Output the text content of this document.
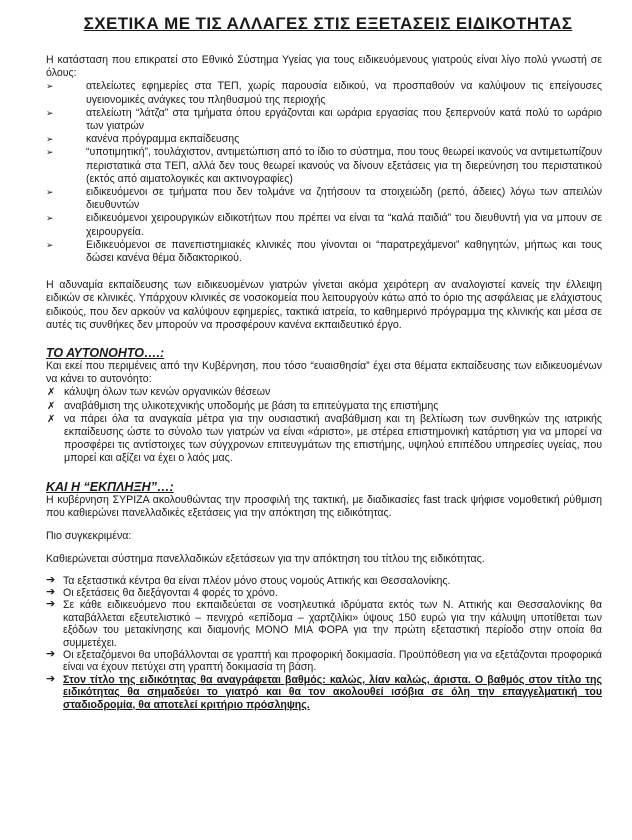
ΣΧΕΤΙΚΑ ΜΕ ΤΙΣ ΑΛΛΑΓΕΣ ΣΤΙΣ ΕΞΕΤΑΣΕΙΣ ΕΙΔΙΚΟΤΗΤΑΣ

Η κατάσταση που επικρατεί στο Εθνικό Σύστημα Υγείας για τους ειδικευόμενους γιατρούς είναι λίγο πολύ γνωστή σε όλους:

➢	ατελείωτες εφημερίες στα ΤΕΠ, χωρίς παρουσία ειδικού, να προσπαθούν να καλύψουν τις επείγουσες υγειονομικές ανάγκες του πληθυσμού της περιοχής
➢	ατελείωτη “λάτζα” στα τμήματα όπου εργάζονται και ωράρια εργασίας που ξεπερνούν κατά πολύ το ωράριο των γιατρών
➢	κανένα πρόγραμμα εκπαίδευσης
➢	“υποτιμητική”, τουλάχιστον, αντιμετώπιση από το ίδιο το σύστημα, που τους θεωρεί ικανούς να αντιμετωπίζουν περιστατικά στα ΤΕΠ, αλλά δεν τους θεωρεί ικανούς να δίνουν εξετάσεις για τη διερεύνηση του περιστατικού (εκτός από αιματολογικές και ακτινογραφίες)
➢	ειδικευόμενοι σε τμήματα που δεν τολμάνε να ζητήσουν τα στοιχειώδη (ρεπό, άδειες) λόγω των απειλών διευθυντών
➢	ειδικευόμενοι χειρουργικών ειδικοτήτων που πρέπει να είναι τα “καλά παιδιά” του διευθυντή για να μπουν σε χειρουργεία.
➢	Ειδικευόμενοι σε πανεπιστημιακές κλινικές που γίνονται οι “παρατρεχάμενοι” καθηγητών, μήπως και τους δώσει κανένα θέμα διδακτορικού.

Η αδυναμία εκπαίδευσης των ειδικευομένων γιατρών γίνεται ακόμα χειρότερη αν αναλογιστεί κανείς την έλλειψη ειδικών σε κλινικές. Υπάρχουν κλινικές σε νοσοκομεία που λειτουργούν κάτω από το όριο της ασφάλειας με ελάχιστους ειδικούς, που δεν αρκούν να καλύψουν εφημερίες, τακτικά ιατρεία, το καθημερινό πρόγραμμα της κλινικής και μέσα σε αυτές τις συνθήκες δεν μπορούν να προσφέρουν κανένα εκπαιδευτικό έργο.

ΤΟ ΑΥΤΟΝΟΗΤΟ….:

Και εκεί που περιμένεις από την Κυβέρνηση, που τόσο “ευαισθησία” έχει στα θέματα εκπαίδευσης των ειδικευομένων να κάνει το αυτονόητο:

✗ κάλυψη όλων των κενών οργανικών θέσεων
✗ αναβάθμιση της υλικοτεχνικής υποδομής με βάση τα επιτεύγματα της επιστήμης
✗ να πάρει όλα τα αναγκαία μέτρα για την ουσιαστική αναβάθμιση και τη βελτίωση των συνθηκών της ιατρικής εκπαίδευσης ώστε το σύνολο των γιατρών να είναι «άριστο», με στέρεα επιστημονική κατάρτιση για να μπορεί να προσφέρει τις αντίστοιχες των σύγχρονων επιτευγμάτων της επιστήμης, υψηλού επιπέδου υπηρεσίες υγείας, που μπορεί και αξίζει να έχει ο λαός μας.
ΚΑΙ Η “ΕΚΠΛΗΞΗ”…:

Η κυβέρνηση ΣΥΡΙΖΑ ακολουθώντας την προσφιλή της τακτική, με διαδικασίες fast track ψήφισε νομοθετική ρύθμιση που καθιερώνει πανελλαδικές εξετάσεις για την απόκτηση της ειδικότητας.

Πιο συγκεκριμένα:

Καθιερώνεται σύστημα πανελλαδικών εξετάσεων για την απόκτηση του τίτλου της ειδικότητας.

➔ Τα εξεταστικά κέντρα θα είναι πλέον μόνο στους νομούς Αττικής και Θεσσαλονίκης.
➔ Οι εξετάσεις θα διεξάγονται 4 φορές το χρόνο.
➔ Σε κάθε ειδικευόμενο που εκπαιδεύεται σε νοσηλευτικά ιδρύματα εκτός των Ν. Αττικής και Θεσσαλονίκης θα καταβάλλεται εξευτελιστικό – πενιχρό «επίδομα – χαρτζιλίκι» ύψους 150 ευρώ για την κάλυψη υποτίθεται των εξόδων του μετακίνησης και διαμονής ΜΟΝΟ ΜΙΑ ΦΟΡΑ για την πρώτη εξεταστική περίοδο στην οποία θα συμμετέχει.
➔ Οι εξεταζόμενοι θα υποβάλλονται σε γραπτή και προφορική δοκιμασία. Προϋπόθεση για να εξετάζονται προφορικά είναι να έχουν πετύχει στη γραπτή δοκιμασία τη βάση.
➔ Στον τίτλο της ειδικότητας θα αναγράφεται βαθμός: καλώς, λίαν καλώς, άριστα. Ο βαθμός στον τίτλο της ειδικότητας θα σημαδεύει το γιατρό και θα τον ακολουθεί ισόβια σε όλη την επαγγελματική του σταδιοδρομία, θα αποτελεί κριτήριο πρόσληψης.
